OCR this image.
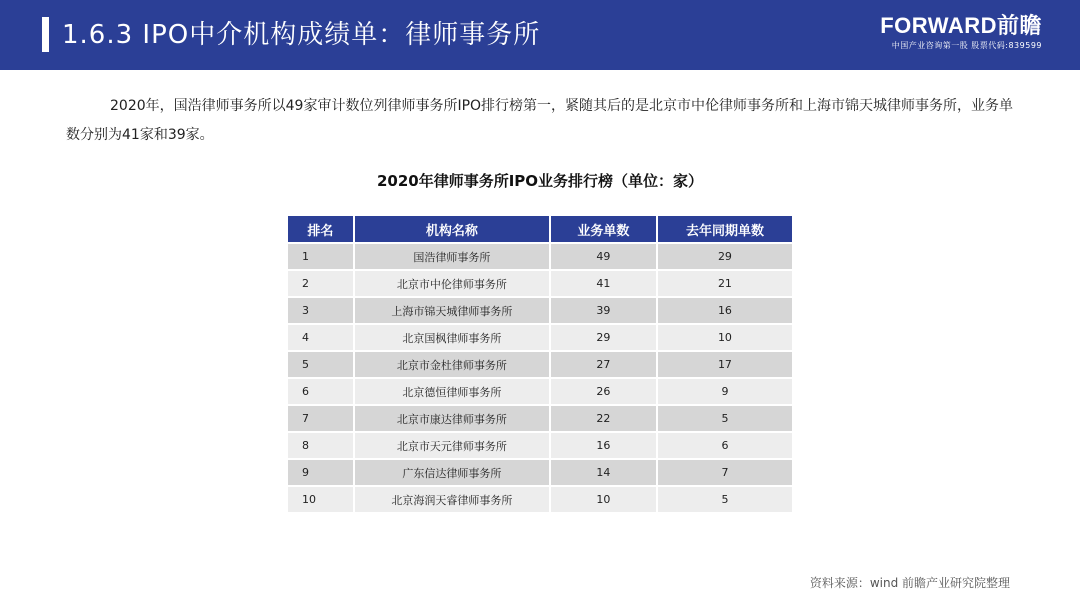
1.6.3 IPO中介机构成绩单：律师事务所	FORWARD前瞻
中国产业咨询第一股 股票代码:839599

2020年，国浩律师事务所以49家审计数位列律师事务所IPO排行榜第一，紧随其后的是北京市中伦律师事务所和上海市锦天城律师事务所，业务单数分别为41家和39家。

2020年律师事务所IPO业务排行榜（单位：家）
排名	机构名称	业务单数	去年同期单数
1	国浩律师事务所	49	29
2	北京市中伦律师事务所	41	21
3	上海市锦天城律师事务所	39	16
4	北京国枫律师事务所	29	10
5	北京市金杜律师事务所	27	17
6	北京德恒律师事务所	26	9
7	北京市康达律师事务所	22	5
8	北京市天元律师事务所	16	6
9	广东信达律师事务所	14	7
10	北京海润天睿律师事务所	10	5
资料来源：wind 前瞻产业研究院整理
